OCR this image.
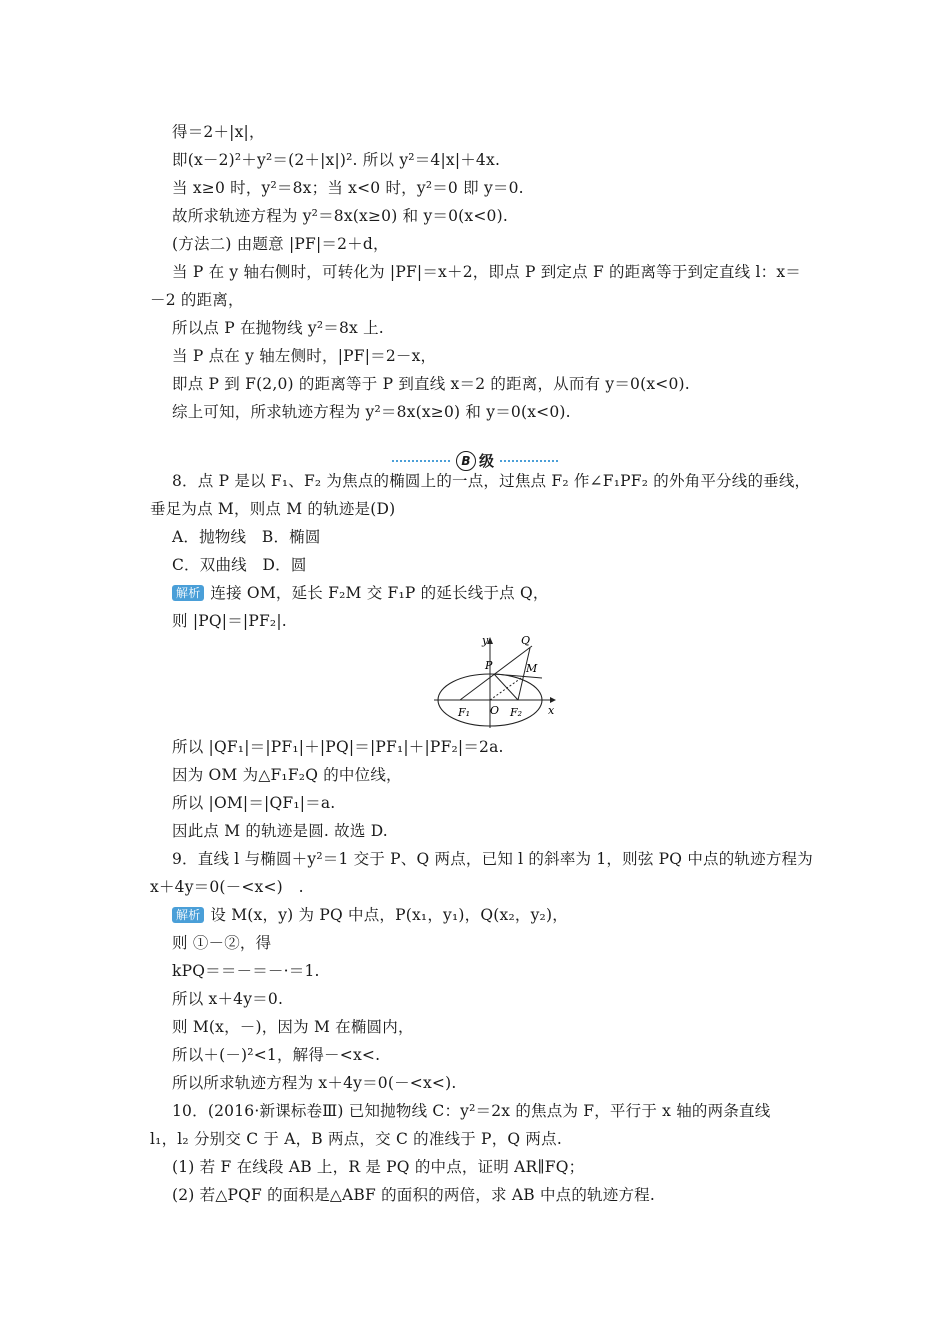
得＝2＋|x|，
即(x－2)²＋y²＝(2＋|x|)². 所以 y²＝4|x|＋4x.
当 x≥0 时，y²＝8x；当 x<0 时，y²＝0 即 y＝0.
故所求轨迹方程为 y²＝8x(x≥0) 和 y＝0(x<0).
(方法二) 由题意 |PF|＝2＋d，
当 P 在 y 轴右侧时，可转化为 |PF|＝x＋2，即点 P 到定点 F 的距离等于到定直线 l：x＝
－2 的距离，
所以点 P 在抛物线 y²＝8x 上.
当 P 点在 y 轴左侧时，|PF|＝2－x，
即点 P 到 F(2,0) 的距离等于 P 到直线 x＝2 的距离，从而有 y＝0(x<0).
综上可知，所求轨迹方程为 y²＝8x(x≥0) 和 y＝0(x<0).
B 级
8．点 P 是以 F₁、F₂ 为焦点的椭圆上的一点，过焦点 F₂ 作∠F₁PF₂ 的外角平分线的垂线，
垂足为点 M，则点 M 的轨迹是(D)
A．抛物线　B．椭圆
C．双曲线　D．圆
解析 连接 OM，延长 F₂M 交 F₁P 的延长线于点 Q，
则 |PQ|＝|PF₂|.
y
x
Q
P	M
F₁ O F₂
所以 |QF₁|＝|PF₁|＋|PQ|＝|PF₁|＋|PF₂|＝2a.
因为 OM 为△F₁F₂Q 的中位线，
所以 |OM|＝|QF₁|＝a.
因此点 M 的轨迹是圆. 故选 D.
9．直线 l 与椭圆＋y²＝1 交于 P、Q 两点，已知 l 的斜率为 1，则弦 PQ 中点的轨迹方程为
x＋4y＝0(－<x<)　.
解析 设 M(x，y) 为 PQ 中点，P(x₁，y₁)，Q(x₂，y₂)，
则 ①－②，得
kPQ＝＝－＝－·＝1.
所以 x＋4y＝0.
则 M(x，－)，因为 M 在椭圆内，
所以＋(－)²<1，解得－<x<.
所以所求轨迹方程为 x＋4y＝0(－<x<).
10．(2016·新课标卷Ⅲ) 已知抛物线 C：y²＝2x 的焦点为 F，平行于 x 轴的两条直线
l₁，l₂ 分别交 C 于 A，B 两点，交 C 的准线于 P，Q 两点.
(1) 若 F 在线段 AB 上，R 是 PQ 的中点，证明 AR∥FQ；
(2) 若△PQF 的面积是△ABF 的面积的两倍，求 AB 中点的轨迹方程.
